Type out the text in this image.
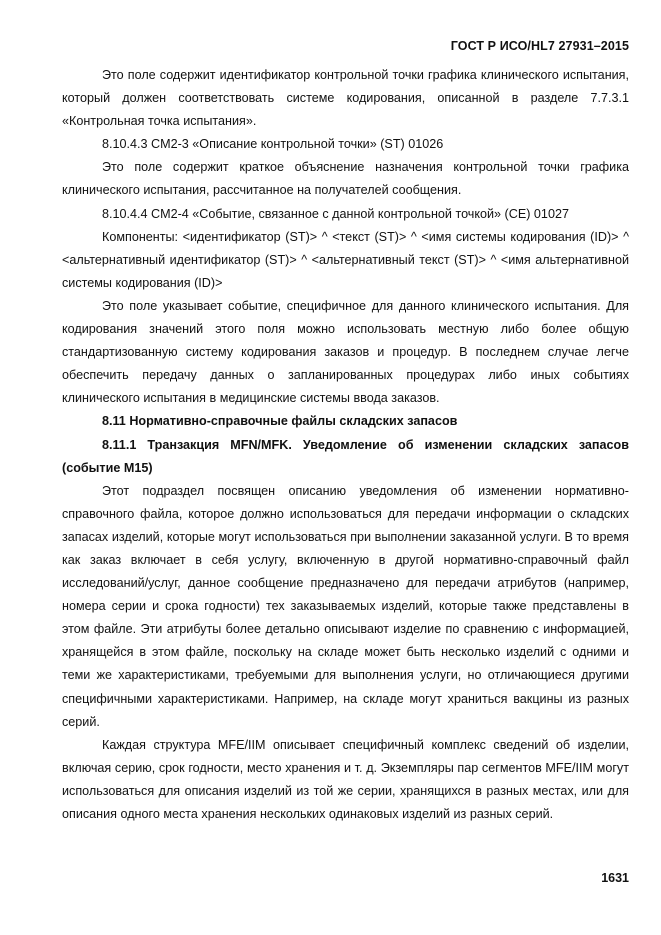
ГОСТ Р ИСО/HL7 27931–2015

Это поле содержит идентификатор контрольной точки графика клинического испытания, который должен соответствовать системе кодирования, описанной в разделе 7.7.3.1 «Контрольная точка испытания».

8.10.4.3 CM2-3 «Описание контрольной точки» (ST) 01026

Это поле содержит краткое объяснение назначения контрольной точки графика клинического испытания, рассчитанное на получателей сообщения.

8.10.4.4 CM2-4 «Событие, связанное с данной контрольной точкой» (CE) 01027

Компоненты: <идентификатор (ST)> ^ <текст (ST)> ^ <имя системы кодирования (ID)> ^ <альтернативный идентификатор (ST)> ^ <альтернативный текст (ST)> ^ <имя альтернативной системы кодирования (ID)>

Это поле указывает событие, специфичное для данного клинического испытания. Для кодирования значений этого поля можно использовать местную либо более общую стандартизованную систему кодирования заказов и процедур. В последнем случае легче обеспечить передачу данных о запланированных процедурах либо иных событиях клинического испытания в медицинские системы ввода заказов.

8.11 Нормативно-справочные файлы складских запасов

8.11.1 Транзакция MFN/MFK. Уведомление об изменении складских запасов (событие M15)

Этот подраздел посвящен описанию уведомления об изменении нормативно-справочного файла, которое должно использоваться для передачи информации о складских запасах изделий, которые могут использоваться при выполнении заказанной услуги. В то время как заказ включает в себя услугу, включенную в другой нормативно-справочный файл исследований/услуг, данное сообщение предназначено для передачи атрибутов (например, номера серии и срока годности) тех заказываемых изделий, которые также представлены в этом файле. Эти атрибуты более детально описывают изделие по сравнению с информацией, хранящейся в этом файле, поскольку на складе может быть несколько изделий с одними и теми же характеристиками, требуемыми для выполнения услуги, но отличающиеся другими специфичными характеристиками. Например, на складе могут храниться вакцины из разных серий.

Каждая структура MFE/IIM описывает специфичный комплекс сведений об изделии, включая серию, срок годности, место хранения и т. д. Экземпляры пар сегментов MFE/IIM могут использоваться для описания изделий из той же серии, хранящихся в разных местах, или для описания одного места хранения нескольких одинаковых изделий из разных серий.

1631
